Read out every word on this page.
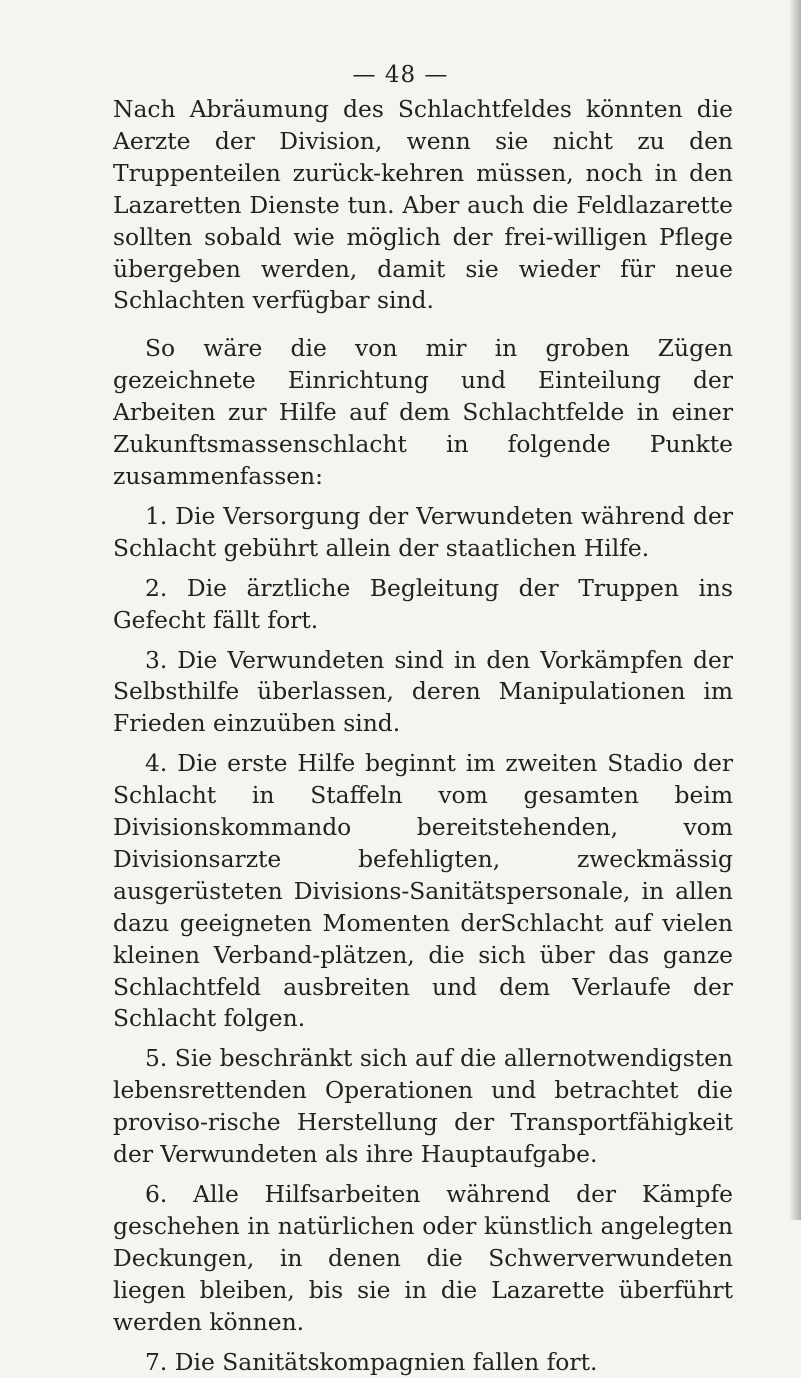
— 48 —

Nach Abräumung des Schlachtfeldes könnten die Aerzte der Division, wenn sie nicht zu den Truppenteilen zurück-kehren müssen, noch in den Lazaretten Dienste tun. Aber auch die Feldlazarette sollten sobald wie möglich der frei-willigen Pflege übergeben werden, damit sie wieder für neue Schlachten verfügbar sind.

So wäre die von mir in groben Zügen gezeichnete Einrichtung und Einteilung der Arbeiten zur Hilfe auf dem Schlachtfelde in einer Zukunftsmassenschlacht in folgende Punkte zusammenfassen:

1. Die Versorgung der Verwundeten während der Schlacht gebührt allein der staatlichen Hilfe.

2. Die ärztliche Begleitung der Truppen ins Gefecht fällt fort.

3. Die Verwundeten sind in den Vorkämpfen der Selbsthilfe überlassen, deren Manipulationen im Frieden einzuüben sind.

4. Die erste Hilfe beginnt im zweiten Stadio der Schlacht in Staffeln vom gesamten beim Divisionskommando bereitstehenden, vom Divisionsarzte befehligten, zweckmässig ausgerüsteten Divisions-Sanitätspersonale, in allen dazu geeigneten Momenten derSchlacht auf vielen kleinen Verband-plätzen, die sich über das ganze Schlachtfeld ausbreiten und dem Verlaufe der Schlacht folgen.

5. Sie beschränkt sich auf die allernotwendigsten lebensrettenden Operationen und betrachtet die proviso-rische Herstellung der Transportfähigkeit der Verwundeten als ihre Hauptaufgabe.

6. Alle Hilfsarbeiten während der Kämpfe geschehen in natürlichen oder künstlich angelegten Deckungen, in denen die Schwerverwundeten liegen bleiben, bis sie in die Lazarette überführt werden können.

7. Die Sanitätskompagnien fallen fort.
